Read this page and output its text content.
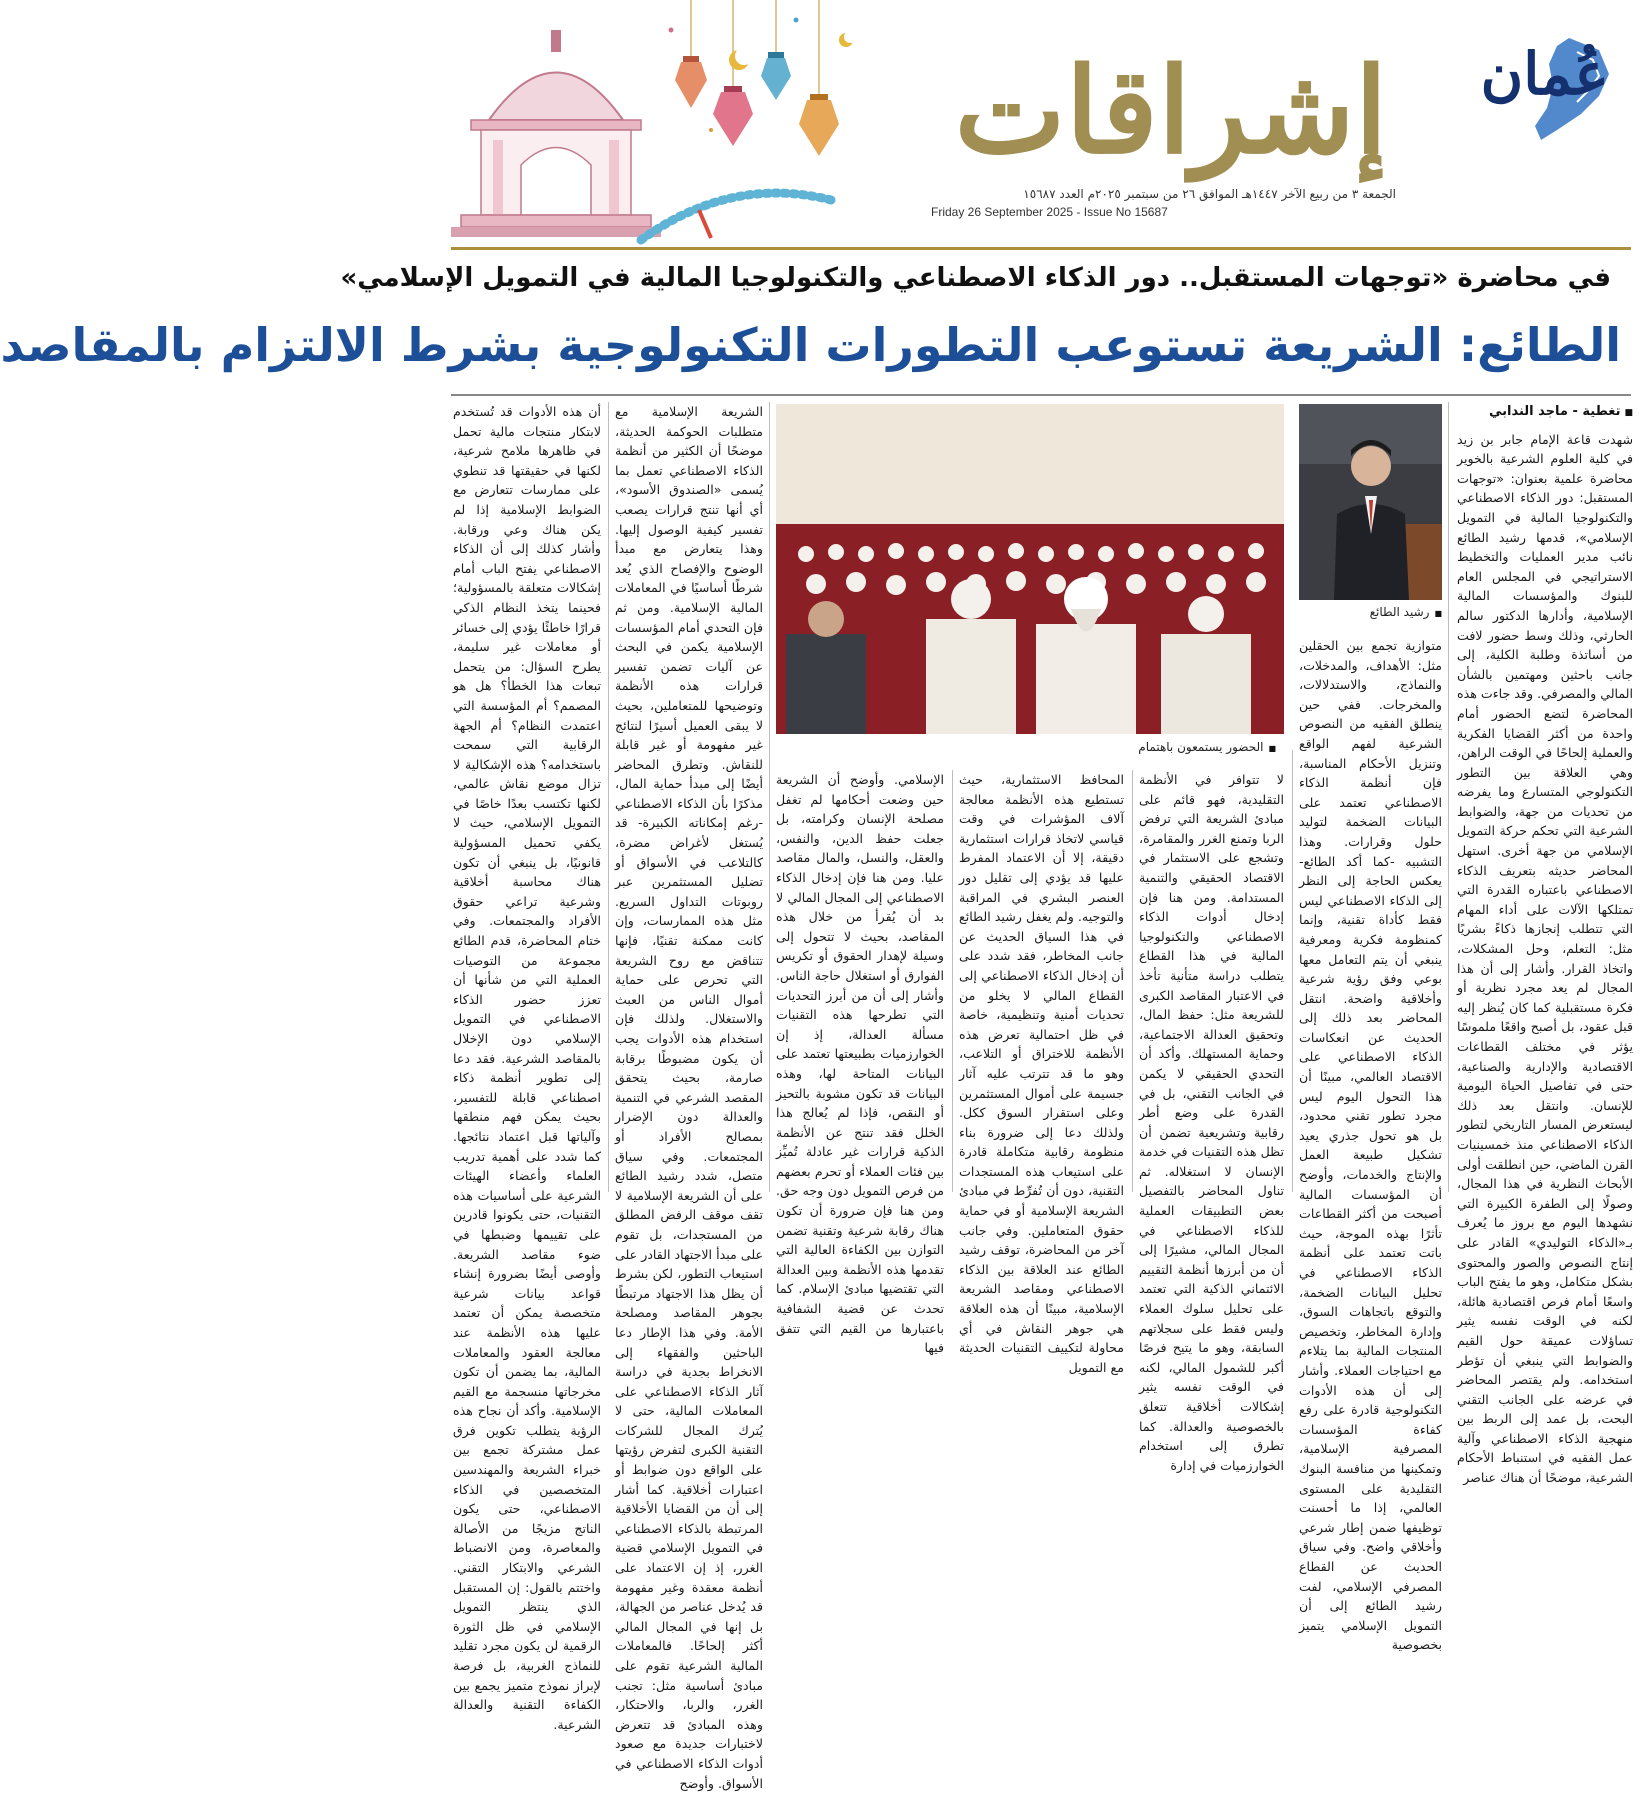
إشراقات عُمان
الجمعة ٣ من ربيع الآخر ١٤٤٧هـ الموافق ٢٦ من سبتمبر ٢٠٢٥م العدد ١٥٦٨٧
Friday 26 September 2025 - Issue No 15687
في محاضرة «توجهات المستقبل.. دور الذكاء الاصطناعي والتكنولوجيا المالية في التمويل الإسلامي»
الطائع: الشريعة تستوعب التطورات التكنولوجية بشرط الالتزام بالمقاصد
■ تغطية - ماجد الندابي

شهدت قاعة الإمام جابر بن زيد في كلية العلوم الشرعية بالخوير محاضرة علمية بعنوان: «توجهات المستقبل: دور الذكاء الاصطناعي والتكنولوجيا المالية في التمويل الإسلامي»، قدمها رشيد الطائع نائب مدير العمليات والتخطيط الاستراتيجي في المجلس العام للبنوك والمؤسسات المالية الإسلامية، وأدارها الدكتور سالم الحارثي، وذلك وسط حضور لافت من أساتذة وطلبة الكلية، إلى جانب باحثين ومهتمين بالشأن المالي والمصرفي. وقد جاءت هذه المحاضرة لتضع الحضور أمام واحدة من أكثر القضايا الفكرية والعملية إلحاحًا في الوقت الراهن، وهي العلاقة بين التطور التكنولوجي المتسارع وما يفرضه من تحديات من جهة، والضوابط الشرعية التي تحكم حركة التمويل الإسلامي من جهة أخرى. استهل المحاضر حديثه بتعريف الذكاء الاصطناعي باعتباره القدرة التي تمتلكها الآلات على أداء المهام التي تتطلب إنجازها ذكاءً بشريًا مثل: التعلم، وحل المشكلات، واتخاذ القرار. وأشار إلى أن هذا المجال لم يعد مجرد نظرية أو فكرة مستقبلية كما كان يُنظر إليه قبل عقود، بل أصبح واقعًا ملموسًا يؤثر في مختلف القطاعات الاقتصادية والإدارية والصناعية، حتى في تفاصيل الحياة اليومية للإنسان. وانتقل بعد ذلك ليستعرض المسار التاريخي لتطور الذكاء الاصطناعي منذ خمسينيات القرن الماضي، حين انطلقت أولى الأبحاث النظرية في هذا المجال، وصولًا إلى الطفرة الكبيرة التي نشهدها اليوم مع بروز ما يُعرف بـ«الذكاء التوليدي» القادر على إنتاج النصوص والصور والمحتوى بشكل متكامل، وهو ما يفتح الباب واسعًا أمام فرص اقتصادية هائلة، لكنه في الوقت نفسه يثير تساؤلات عميقة حول القيم والضوابط التي ينبغي أن تؤطر استخدامه. ولم يقتصر المحاضر في عرضه على الجانب التقني البحت، بل عمد إلى الربط بين منهجية الذكاء الاصطناعي وآلية عمل الفقيه في استنباط الأحكام الشرعية، موضحًا أن هناك عناصر

■ رشيد الطائع

متوازية تجمع بين الحقلين مثل: الأهداف، والمدخلات، والنماذج، والاستدلالات، والمخرجات. ففي حين ينطلق الفقيه من النصوص الشرعية لفهم الواقع وتنزيل الأحكام المناسبة، فإن أنظمة الذكاء الاصطناعي تعتمد على البيانات الضخمة لتوليد حلول وقرارات. وهذا التشبيه -كما أكد الطائع- يعكس الحاجة إلى النظر إلى الذكاء الاصطناعي ليس فقط كأداة تقنية، وإنما كمنظومة فكرية ومعرفية ينبغي أن يتم التعامل معها بوعي وفق رؤية شرعية وأخلاقية واضحة. انتقل المحاضر بعد ذلك إلى الحديث عن انعكاسات الذكاء الاصطناعي على الاقتصاد العالمي، مبينًا أن هذا التحول اليوم ليس مجرد تطور تقني محدود، بل هو تحول جذري يعيد تشكيل طبيعة العمل والإنتاج والخدمات، وأوضح أن المؤسسات المالية أصبحت من أكثر القطاعات تأثرًا بهذه الموجة، حيث باتت تعتمد على أنظمة الذكاء الاصطناعي في تحليل البيانات الضخمة، والتوقع باتجاهات السوق، وإدارة المخاطر، وتخصيص المنتجات المالية بما يتلاءم مع احتياجات العملاء. وأشار إلى أن هذه الأدوات التكنولوجية قادرة على رفع كفاءة المؤسسات المصرفية الإسلامية، وتمكينها من منافسة البنوك التقليدية على المستوى العالمي، إذا ما أحسنت توظيفها ضمن إطار شرعي وأخلاقي واضح. وفي سياق الحديث عن القطاع المصرفي الإسلامي، لفت رشيد الطائع إلى أن التمويل الإسلامي يتميز بخصوصية

■ الحضور يستمعون باهتمام

لا تتوافر في الأنظمة التقليدية، فهو قائم على مبادئ الشريعة التي ترفض الربا وتمنع الغرر والمقامرة، وتشجع على الاستثمار في الاقتصاد الحقيقي والتنمية المستدامة. ومن هنا فإن إدخال أدوات الذكاء الاصطناعي والتكنولوجيا المالية في هذا القطاع يتطلب دراسة متأنية تأخذ في الاعتبار المقاصد الكبرى للشريعة مثل: حفظ المال، وتحقيق العدالة الاجتماعية، وحماية المستهلك. وأكد أن التحدي الحقيقي لا يكمن في الجانب التقني، بل في القدرة على وضع أطر رقابية وتشريعية تضمن أن تظل هذه التقنيات في خدمة الإنسان لا استغلاله. ثم تناول المحاضر بالتفصيل بعض التطبيقات العملية للذكاء الاصطناعي في المجال المالي، مشيرًا إلى أن من أبرزها أنظمة التقييم الائتماني الذكية التي تعتمد على تحليل سلوك العملاء وليس فقط على سجلاتهم السابقة، وهو ما يتيح فرصًا أكبر للشمول المالي، لكنه في الوقت نفسه يثير إشكالات أخلاقية تتعلق بالخصوصية والعدالة. كما تطرق إلى استخدام الخوارزميات في إدارة

المحافظ الاستثمارية، حيث تستطيع هذه الأنظمة معالجة آلاف المؤشرات في وقت قياسي لاتخاذ قرارات استثمارية دقيقة، إلا أن الاعتماد المفرط عليها قد يؤدي إلى تقليل دور العنصر البشري في المراقبة والتوجيه. ولم يغفل رشيد الطائع في هذا السياق الحديث عن جانب المخاطر، فقد شدد على أن إدخال الذكاء الاصطناعي إلى القطاع المالي لا يخلو من تحديات أمنية وتنظيمية، خاصة في ظل احتمالية تعرض هذه الأنظمة للاختراق أو التلاعب، وهو ما قد تترتب عليه آثار جسيمة على أموال المستثمرين وعلى استقرار السوق ككل. ولذلك دعا إلى ضرورة بناء منظومة رقابية متكاملة قادرة على استيعاب هذه المستجدات التقنية، دون أن تُفرِّط في مبادئ الشريعة الإسلامية أو في حماية حقوق المتعاملين. وفي جانب آخر من المحاضرة، توقف رشيد الطائع عند العلاقة بين الذكاء الاصطناعي ومقاصد الشريعة الإسلامية، مبينًا أن هذه العلاقة هي جوهر النقاش في أي محاولة لتكييف التقنيات الحديثة مع التمويل

الإسلامي. وأوضح أن الشريعة حين وضعت أحكامها لم تغفل مصلحة الإنسان وكرامته، بل جعلت حفظ الدين، والنفس، والعقل، والنسل، والمال مقاصد عليا. ومن هنا فإن إدخال الذكاء الاصطناعي إلى المجال المالي لا بد أن يُقرأ من خلال هذه المقاصد، بحيث لا تتحول إلى وسيلة لإهدار الحقوق أو تكريس الفوارق أو استغلال حاجة الناس. وأشار إلى أن من أبرز التحديات التي تطرحها هذه التقنيات مسألة العدالة، إذ إن الخوارزميات بطبيعتها تعتمد على البيانات المتاحة لها، وهذه البيانات قد تكون مشوبة بالتحيز أو النقص، فإذا لم يُعالج هذا الخلل فقد تنتج عن الأنظمة الذكية قرارات غير عادلة تُميِّز بين فئات العملاء أو تحرم بعضهم من فرص التمويل دون وجه حق. ومن هنا فإن ضرورة أن تكون هناك رقابة شرعية وتقنية تضمن التوازن بين الكفاءة العالية التي تقدمها هذه الأنظمة وبين العدالة التي تقتضيها مبادئ الإسلام. كما تحدث عن قضية الشفافية باعتبارها من القيم التي تتفق فيها

الشريعة الإسلامية مع متطلبات الحوكمة الحديثة، موضحًا أن الكثير من أنظمة الذكاء الاصطناعي تعمل بما يُسمى «الصندوق الأسود»، أي أنها تنتج قرارات يصعب تفسير كيفية الوصول إليها. وهذا يتعارض مع مبدأ الوضوح والإفصاح الذي يُعد شرطًا أساسيًا في المعاملات المالية الإسلامية. ومن ثم فإن التحدي أمام المؤسسات الإسلامية يكمن في البحث عن آليات تضمن تفسير قرارات هذه الأنظمة وتوضيحها للمتعاملين، بحيث لا يبقى العميل أسيرًا لنتائج غير مفهومة أو غير قابلة للنقاش. وتطرق المحاضر أيضًا إلى مبدأ حماية المال، مذكرًا بأن الذكاء الاصطناعي -رغم إمكاناته الكبيرة- قد يُستغل لأغراض مضرة، كالتلاعب في الأسواق أو تضليل المستثمرين عبر روبوتات التداول السريع. مثل هذه الممارسات، وإن كانت ممكنة تقنيًا، فإنها تتناقض مع روح الشريعة التي تحرص على حماية أموال الناس من العبث والاستغلال. ولذلك فإن استخدام هذه الأدوات يجب أن يكون مضبوطًا برقابة صارمة، بحيث يتحقق المقصد الشرعي في التنمية والعدالة دون الإضرار بمصالح الأفراد أو المجتمعات. وفي سياق متصل، شدد رشيد الطائع على أن الشريعة الإسلامية لا تقف موقف الرفض المطلق من المستجدات، بل تقوم على مبدأ الاجتهاد القادر على استيعاب التطور، لكن بشرط أن يظل هذا الاجتهاد مرتبطًا بجوهر المقاصد ومصلحة الأمة. وفي هذا الإطار دعا الباحثين والفقهاء إلى الانخراط بجدية في دراسة آثار الذكاء الاصطناعي على المعاملات المالية، حتى لا يُترك المجال للشركات التقنية الكبرى لتفرض رؤيتها على الواقع دون ضوابط أو اعتبارات أخلاقية. كما أشار إلى أن من القضايا الأخلاقية المرتبطة بالذكاء الاصطناعي في التمويل الإسلامي قضية الغرر، إذ إن الاعتماد على أنظمة معقدة وغير مفهومة قد يُدخل عناصر من الجهالة، بل إنها في المجال المالي أكثر إلحاحًا. فالمعاملات المالية الشرعية تقوم على مبادئ أساسية مثل: تجنب الغرر، والربا، والاحتكار، وهذه المبادئ قد تتعرض لاختبارات جديدة مع صعود أدوات الذكاء الاصطناعي في الأسواق. وأوضح

أن هذه الأدوات قد تُستخدم لابتكار منتجات مالية تحمل في ظاهرها ملامح شرعية، لكنها في حقيقتها قد تنطوي على ممارسات تتعارض مع الضوابط الإسلامية إذا لم يكن هناك وعي ورقابة. وأشار كذلك إلى أن الذكاء الاصطناعي يفتح الباب أمام إشكالات متعلقة بالمسؤولية؛ فحينما يتخذ النظام الذكي قرارًا خاطئًا يؤدي إلى خسائر أو معاملات غير سليمة، يطرح السؤال: من يتحمل تبعات هذا الخطأ؟ هل هو المصمم؟ أم المؤسسة التي اعتمدت النظام؟ أم الجهة الرقابية التي سمحت باستخدامه؟ هذه الإشكالية لا تزال موضع نقاش عالمي، لكنها تكتسب بعدًا خاصًا في التمويل الإسلامي، حيث لا يكفي تحميل المسؤولية قانونيًا، بل ينبغي أن تكون هناك محاسبة أخلاقية وشرعية تراعي حقوق الأفراد والمجتمعات. وفي ختام المحاضرة، قدم الطائع مجموعة من التوصيات العملية التي من شأنها أن تعزز حضور الذكاء الاصطناعي في التمويل الإسلامي دون الإخلال بالمقاصد الشرعية. فقد دعا إلى تطوير أنظمة ذكاء اصطناعي قابلة للتفسير، بحيث يمكن فهم منطقها وآلياتها قبل اعتماد نتائجها. كما شدد على أهمية تدريب العلماء وأعضاء الهيئات الشرعية على أساسيات هذه التقنيات، حتى يكونوا قادرين على تقييمها وضبطها في ضوء مقاصد الشريعة. وأوصى أيضًا بضرورة إنشاء قواعد بيانات شرعية متخصصة يمكن أن تعتمد عليها هذه الأنظمة عند معالجة العقود والمعاملات المالية، بما يضمن أن تكون مخرجاتها منسجمة مع القيم الإسلامية. وأكد أن نجاح هذه الرؤية يتطلب تكوين فرق عمل مشتركة تجمع بين خبراء الشريعة والمهندسين المتخصصين في الذكاء الاصطناعي، حتى يكون الناتج مزيجًا من الأصالة والمعاصرة، ومن الانضباط الشرعي والابتكار التقني. واختتم بالقول: إن المستقبل الذي ينتظر التمويل الإسلامي في ظل الثورة الرقمية لن يكون مجرد تقليد للنماذج الغربية، بل فرصة لإبراز نموذج متميز يجمع بين الكفاءة التقنية والعدالة الشرعية.
